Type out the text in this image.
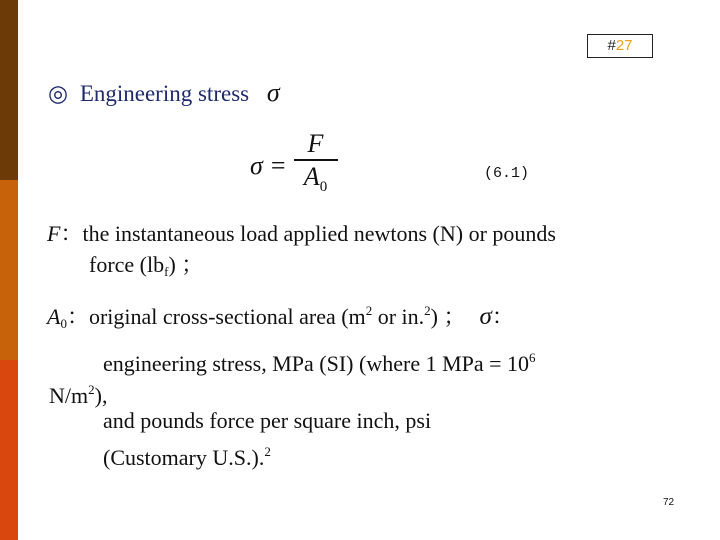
#27
◎ Engineering stress σ
$\sigma = \frac{F}{A_0}$	(6.1)
F：the instantaneous load applied newtons (N) or pounds
force $(lb_f)$ ；
$A_0$：original cross-sectional area ($m^2$ or in.$^2$) ； σ：
engineering stress, MPa (SI) (where 1 MPa = $10^6$
$N/m^2$),
and pounds force per square inch, psi
(Customary U.S.).$^2$
72
